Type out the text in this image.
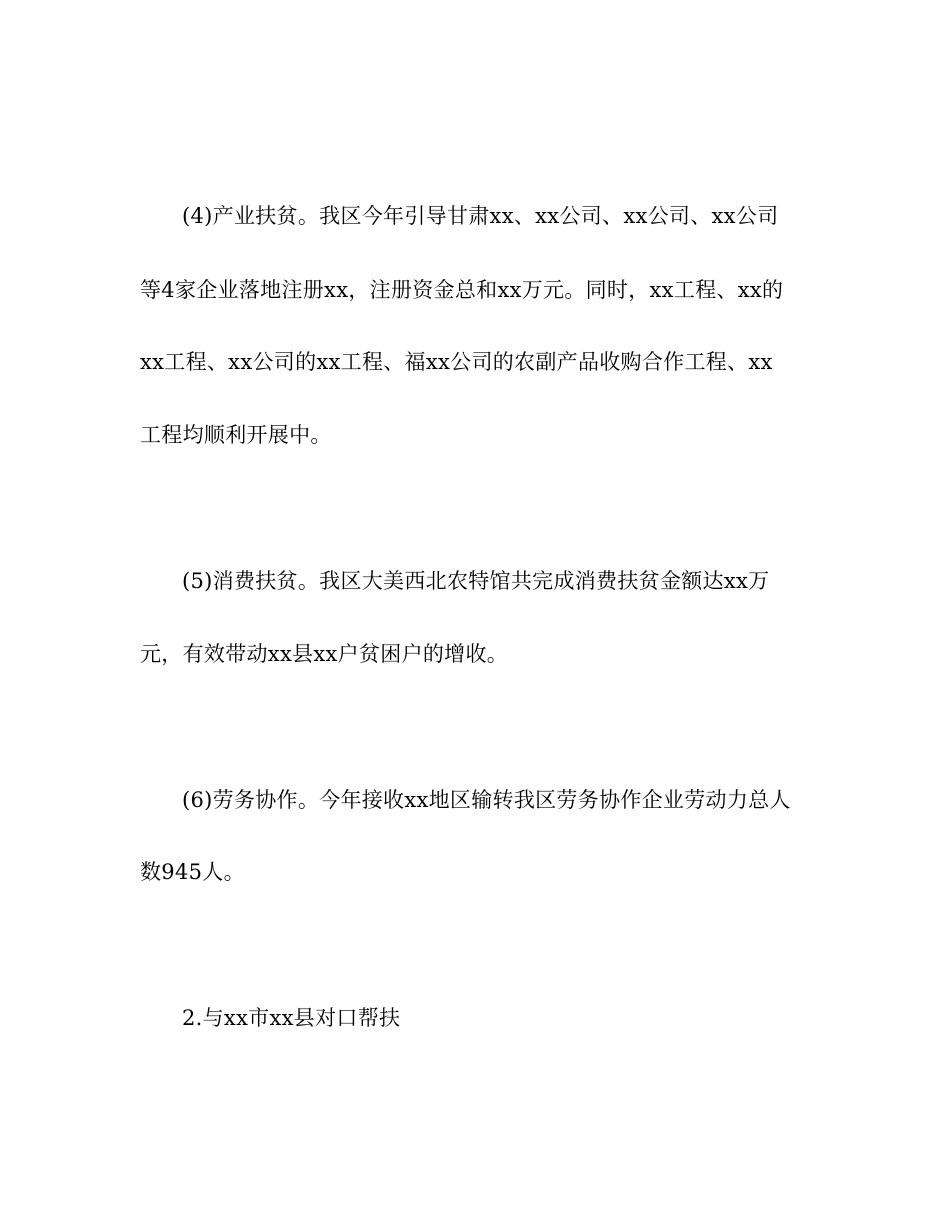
(4)产业扶贫。我区今年引导甘肃xx、xx公司、xx公司、xx公司
等4家企业落地注册xx，注册资金总和xx万元。同时，xx工程、xx的
xx工程、xx公司的xx工程、福xx公司的农副产品收购合作工程、xx
工程均顺利开展中。
(5)消费扶贫。我区大美西北农特馆共完成消费扶贫金额达xx万
元，有效带动xx县xx户贫困户的增收。
(6)劳务协作。今年接收xx地区输转我区劳务协作企业劳动力总人
数945人。
2.与xx市xx县对口帮扶
